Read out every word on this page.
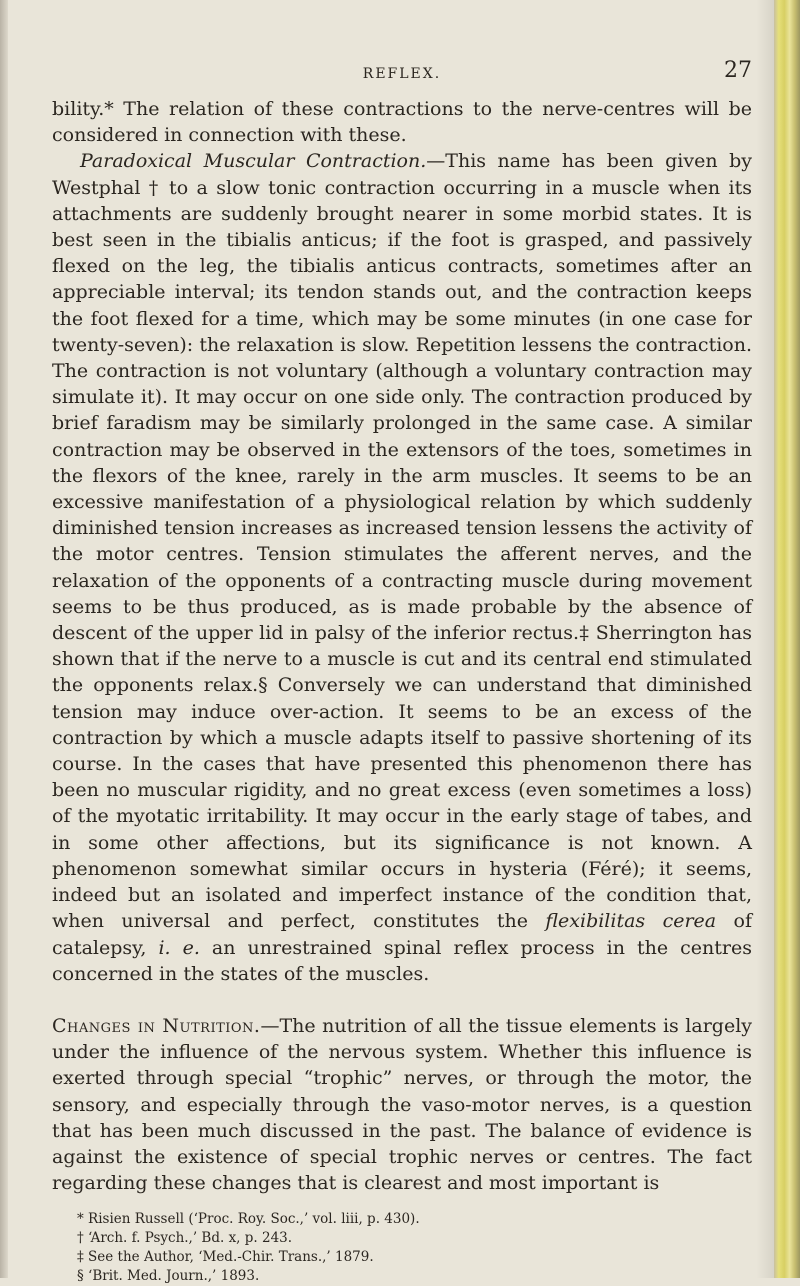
REFLEX.	27

bility.* The relation of these contractions to the nerve-centres will be considered in connection with these.

Paradoxical Muscular Contraction.—This name has been given by Westphal † to a slow tonic contraction occurring in a muscle when its attachments are suddenly brought nearer in some morbid states. It is best seen in the tibialis anticus; if the foot is grasped, and passively flexed on the leg, the tibialis anticus contracts, sometimes after an appreciable interval; its tendon stands out, and the contraction keeps the foot flexed for a time, which may be some minutes (in one case for twenty-seven): the relaxation is slow. Repetition lessens the contraction. The contraction is not voluntary (although a voluntary contraction may simulate it). It may occur on one side only. The contraction produced by brief faradism may be similarly prolonged in the same case. A similar contraction may be observed in the extensors of the toes, sometimes in the flexors of the knee, rarely in the arm muscles. It seems to be an excessive manifestation of a physiological relation by which suddenly diminished tension increases as increased tension lessens the activity of the motor centres. Tension stimulates the afferent nerves, and the relaxation of the opponents of a contracting muscle during movement seems to be thus produced, as is made probable by the absence of descent of the upper lid in palsy of the inferior rectus.‡ Sherrington has shown that if the nerve to a muscle is cut and its central end stimulated the opponents relax.§ Conversely we can understand that diminished tension may induce over-action. It seems to be an excess of the contraction by which a muscle adapts itself to passive shortening of its course. In the cases that have presented this phenomenon there has been no muscular rigidity, and no great excess (even sometimes a loss) of the myotatic irritability. It may occur in the early stage of tabes, and in some other affections, but its significance is not known. A phenomenon somewhat similar occurs in hysteria (Féré); it seems, indeed but an isolated and imperfect instance of the condition that, when universal and perfect, constitutes the flexibilitas cerea of catalepsy, i. e. an unrestrained spinal reflex process in the centres concerned in the states of the muscles.

Changes in Nutrition.—The nutrition of all the tissue elements is largely under the influence of the nervous system. Whether this influence is exerted through special “trophic” nerves, or through the motor, the sensory, and especially through the vaso-motor nerves, is a question that has been much discussed in the past. The balance of evidence is against the existence of special trophic nerves or centres. The fact regarding these changes that is clearest and most important is

* Risien Russell (‘Proc. Roy. Soc.,’ vol. liii, p. 430).

† ‘Arch. f. Psych.,’ Bd. x, p. 243.

‡ See the Author, ‘Med.-Chir. Trans.,’ 1879.

§ ‘Brit. Med. Journ.,’ 1893.
